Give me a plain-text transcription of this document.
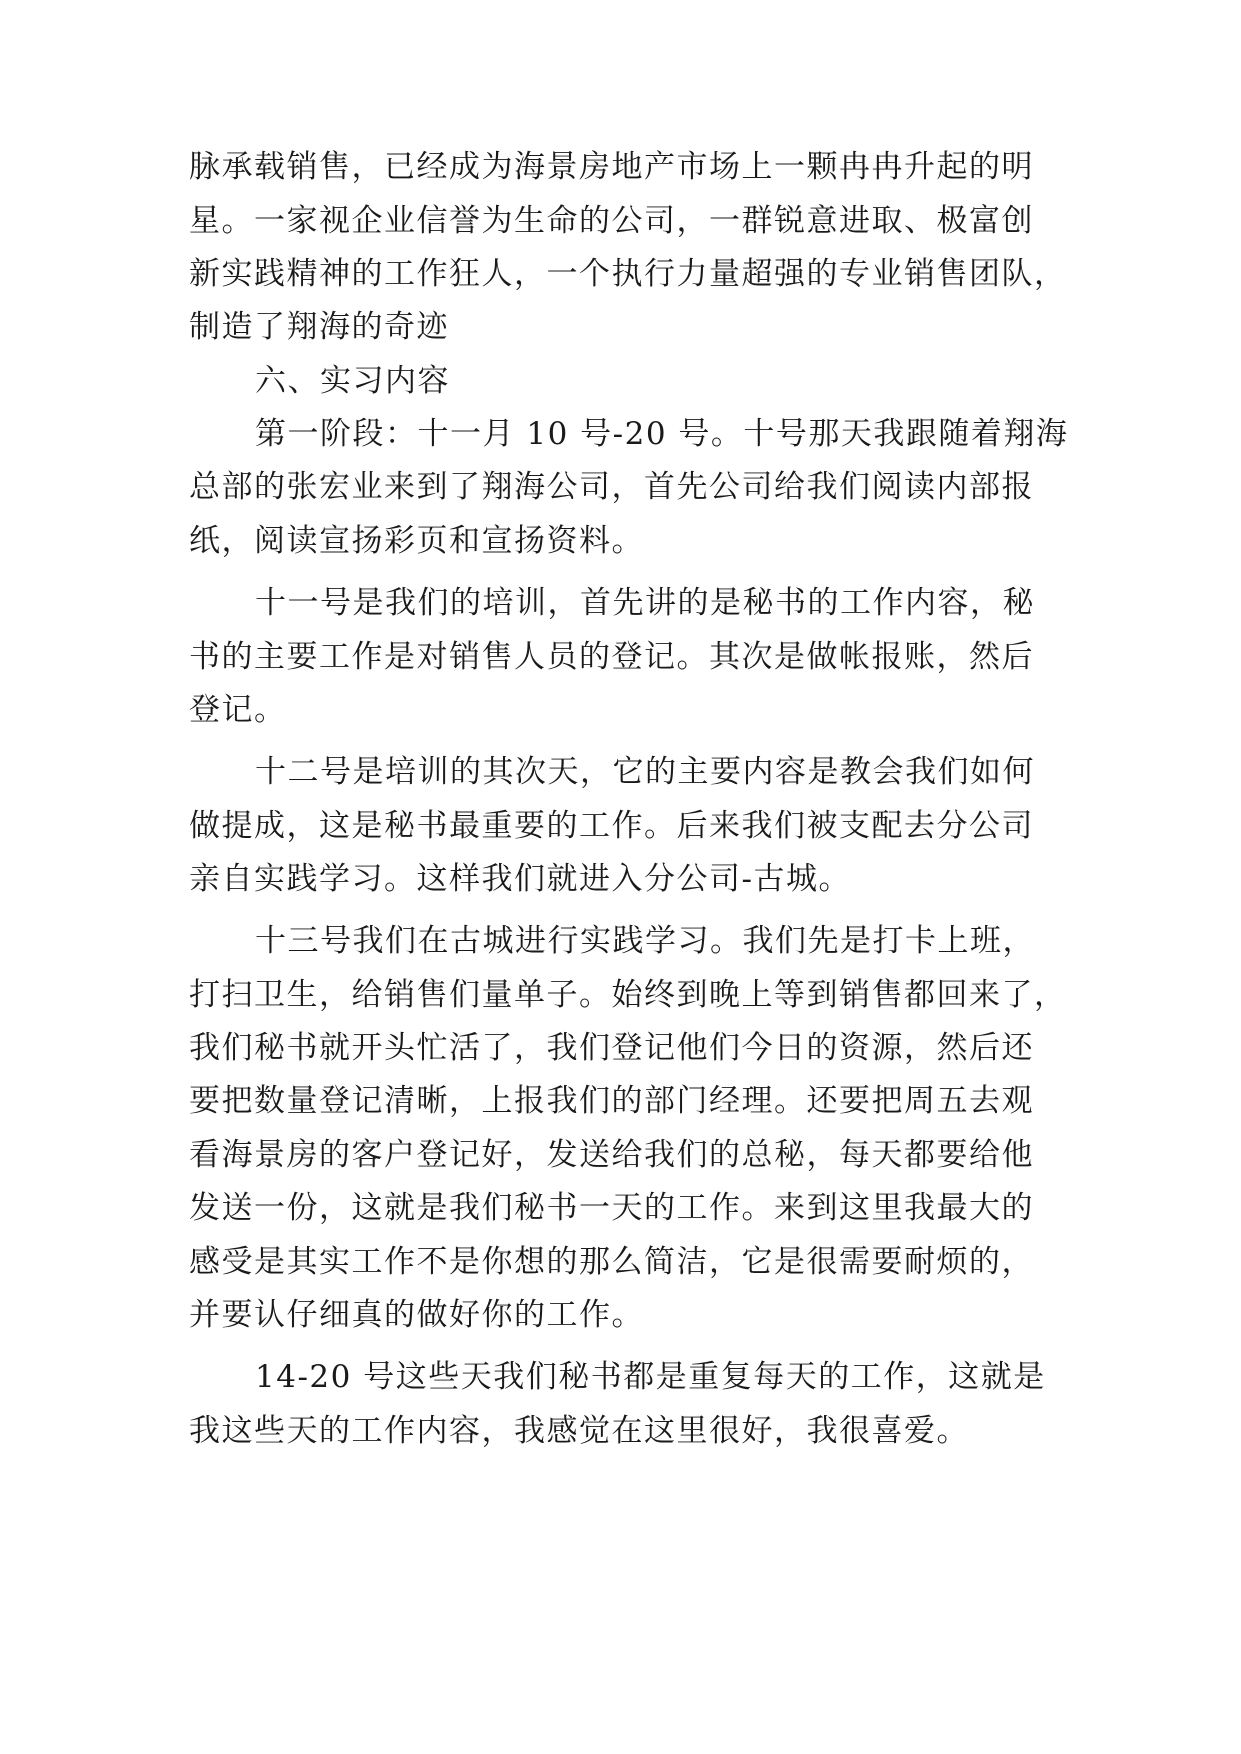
脉承载销售，已经成为海景房地产市场上一颗冉冉升起的明
星。一家视企业信誉为生命的公司，一群锐意进取、极富创
新实践精神的工作狂人，一个执行力量超强的专业销售团队，
制造了翔海的奇迹
六、实习内容
第一阶段：十一月 10 号-20 号。十号那天我跟随着翔海
总部的张宏业来到了翔海公司，首先公司给我们阅读内部报
纸，阅读宣扬彩页和宣扬资料。
十一号是我们的培训，首先讲的是秘书的工作内容，秘
书的主要工作是对销售人员的登记。其次是做帐报账，然后
登记。
十二号是培训的其次天，它的主要内容是教会我们如何
做提成，这是秘书最重要的工作。后来我们被支配去分公司
亲自实践学习。这样我们就进入分公司-古城。
十三号我们在古城进行实践学习。我们先是打卡上班，
打扫卫生，给销售们量单子。始终到晚上等到销售都回来了，
我们秘书就开头忙活了，我们登记他们今日的资源，然后还
要把数量登记清晰，上报我们的部门经理。还要把周五去观
看海景房的客户登记好，发送给我们的总秘，每天都要给他
发送一份，这就是我们秘书一天的工作。来到这里我最大的
感受是其实工作不是你想的那么简洁，它是很需要耐烦的，
并要认仔细真的做好你的工作。
14-20 号这些天我们秘书都是重复每天的工作，这就是
我这些天的工作内容，我感觉在这里很好，我很喜爱。
